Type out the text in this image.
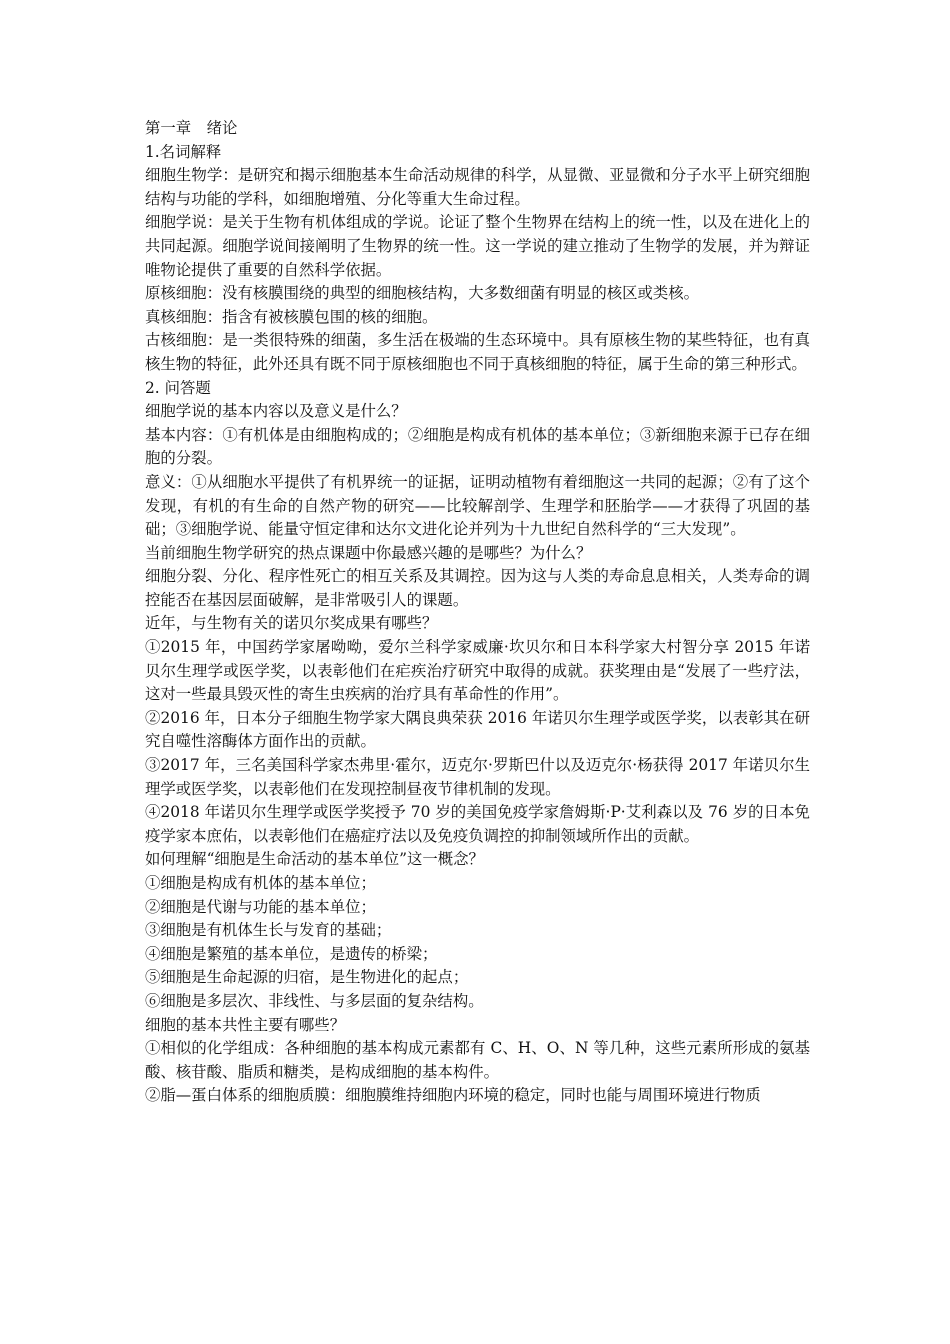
第一章　绪论

1.名词解释

细胞生物学：是研究和揭示细胞基本生命活动规律的科学，从显微、亚显微和分子水平上研究细胞结构与功能的学科，如细胞增殖、分化等重大生命过程。

细胞学说：是关于生物有机体组成的学说。论证了整个生物界在结构上的统一性，以及在进化上的共同起源。细胞学说间接阐明了生物界的统一性。这一学说的建立推动了生物学的发展，并为辩证唯物论提供了重要的自然科学依据。

原核细胞：没有核膜围绕的典型的细胞核结构，大多数细菌有明显的核区或类核。

真核细胞：指含有被核膜包围的核的细胞。

古核细胞：是一类很特殊的细菌，多生活在极端的生态环境中。具有原核生物的某些特征，也有真核生物的特征，此外还具有既不同于原核细胞也不同于真核细胞的特征，属于生命的第三种形式。

2. 问答题

细胞学说的基本内容以及意义是什么？

基本内容：①有机体是由细胞构成的；②细胞是构成有机体的基本单位；③新细胞来源于已存在细胞的分裂。

意义：①从细胞水平提供了有机界统一的证据，证明动植物有着细胞这一共同的起源；②有了这个发现，有机的有生命的自然产物的研究——比较解剖学、生理学和胚胎学——才获得了巩固的基础；③细胞学说、能量守恒定律和达尔文进化论并列为十九世纪自然科学的“三大发现”。

当前细胞生物学研究的热点课题中你最感兴趣的是哪些？为什么？

细胞分裂、分化、程序性死亡的相互关系及其调控。因为这与人类的寿命息息相关，人类寿命的调控能否在基因层面破解，是非常吸引人的课题。

近年，与生物有关的诺贝尔奖成果有哪些？

①2015 年，中国药学家屠呦呦，爱尔兰科学家威廉·坎贝尔和日本科学家大村智分享 2015 年诺贝尔生理学或医学奖，以表彰他们在疟疾治疗研究中取得的成就。获奖理由是“发展了一些疗法，这对一些最具毁灭性的寄生虫疾病的治疗具有革命性的作用”。

②2016 年，日本分子细胞生物学家大隅良典荣获 2016 年诺贝尔生理学或医学奖，以表彰其在研究自噬性溶酶体方面作出的贡献。

③2017 年，三名美国科学家杰弗里·霍尔，迈克尔·罗斯巴什以及迈克尔·杨获得 2017 年诺贝尔生理学或医学奖，以表彰他们在发现控制昼夜节律机制的发现。

④2018 年诺贝尔生理学或医学奖授予 70 岁的美国免疫学家詹姆斯·P·艾利森以及 76 岁的日本免疫学家本庶佑，以表彰他们在癌症疗法以及免疫负调控的抑制领域所作出的贡献。

如何理解“细胞是生命活动的基本单位”这一概念？

①细胞是构成有机体的基本单位；

②细胞是代谢与功能的基本单位；

③细胞是有机体生长与发育的基础；

④细胞是繁殖的基本单位，是遗传的桥梁；

⑤细胞是生命起源的归宿，是生物进化的起点；

⑥细胞是多层次、非线性、与多层面的复杂结构。

细胞的基本共性主要有哪些？

①相似的化学组成：各种细胞的基本构成元素都有 C、H、O、N 等几种，这些元素所形成的氨基酸、核苷酸、脂质和糖类，是构成细胞的基本构件。

②脂—蛋白体系的细胞质膜：细胞膜维持细胞内环境的稳定，同时也能与周围环境进行物质
